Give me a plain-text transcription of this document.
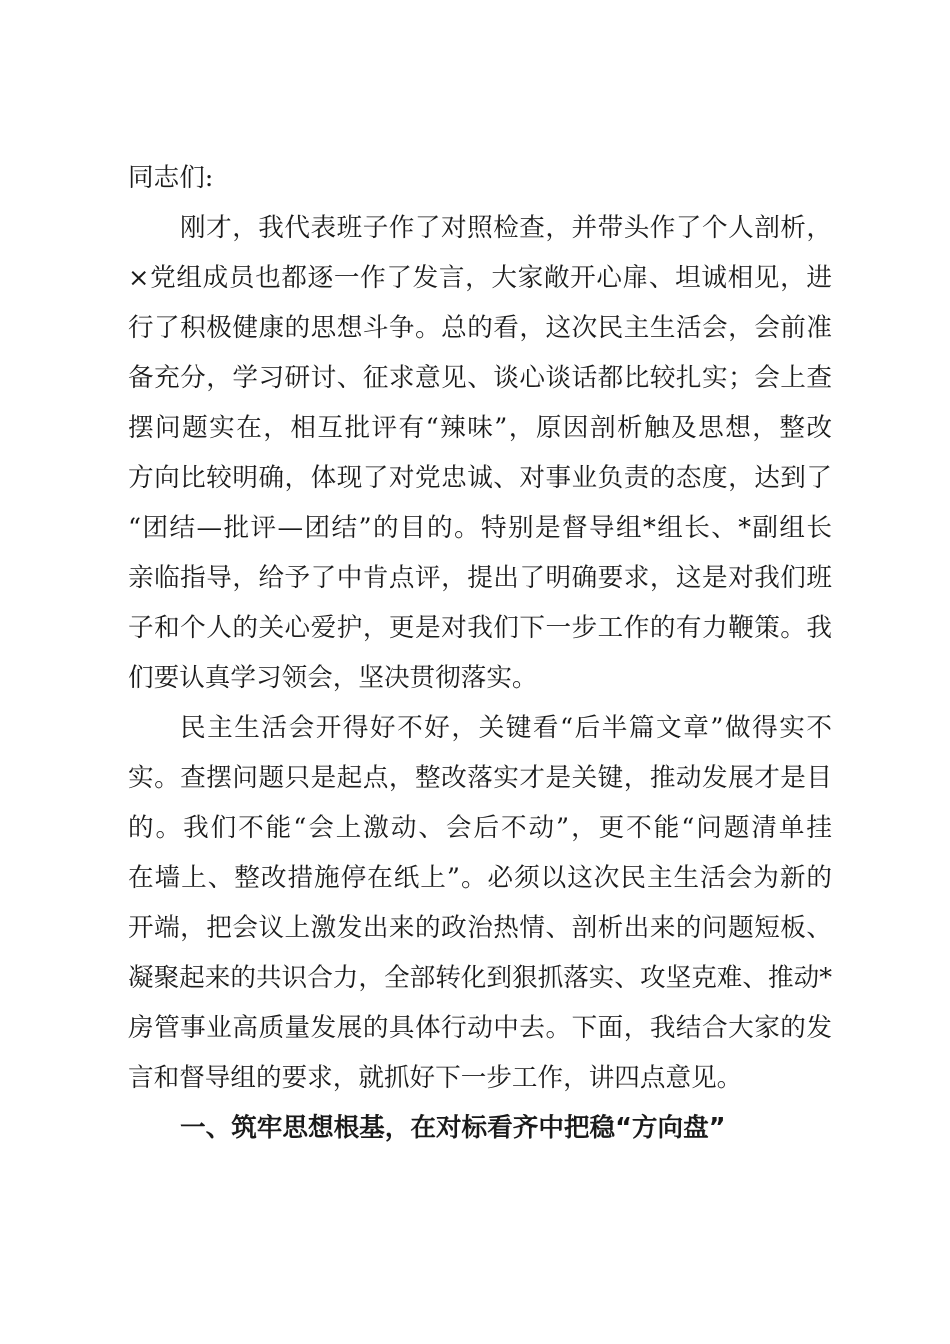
同志们:
刚才，我代表班子作了对照检查，并带头作了个人剖析，
×党组成员也都逐一作了发言，大家敞开心扉、坦诚相见，进
行了积极健康的思想斗争。总的看，这次民主生活会，会前准
备充分，学习研讨、征求意见、谈心谈话都比较扎实；会上查
摆问题实在，相互批评有“辣味”，原因剖析触及思想，整改
方向比较明确，体现了对党忠诚、对事业负责的态度，达到了
“团结—批评—团结”的目的。特别是督导组*组长、*副组长
亲临指导，给予了中肯点评，提出了明确要求，这是对我们班
子和个人的关心爱护，更是对我们下一步工作的有力鞭策。我
们要认真学习领会，坚决贯彻落实。
民主生活会开得好不好，关键看“后半篇文章”做得实不
实。查摆问题只是起点，整改落实才是关键，推动发展才是目
的。我们不能“会上激动、会后不动”，更不能“问题清单挂
在墙上、整改措施停在纸上”。必须以这次民主生活会为新的
开端，把会议上激发出来的政治热情、剖析出来的问题短板、
凝聚起来的共识合力，全部转化到狠抓落实、攻坚克难、推动*
房管事业高质量发展的具体行动中去。下面，我结合大家的发
言和督导组的要求，就抓好下一步工作，讲四点意见。
一、筑牢思想根基，在对标看齐中把稳“方向盘”
